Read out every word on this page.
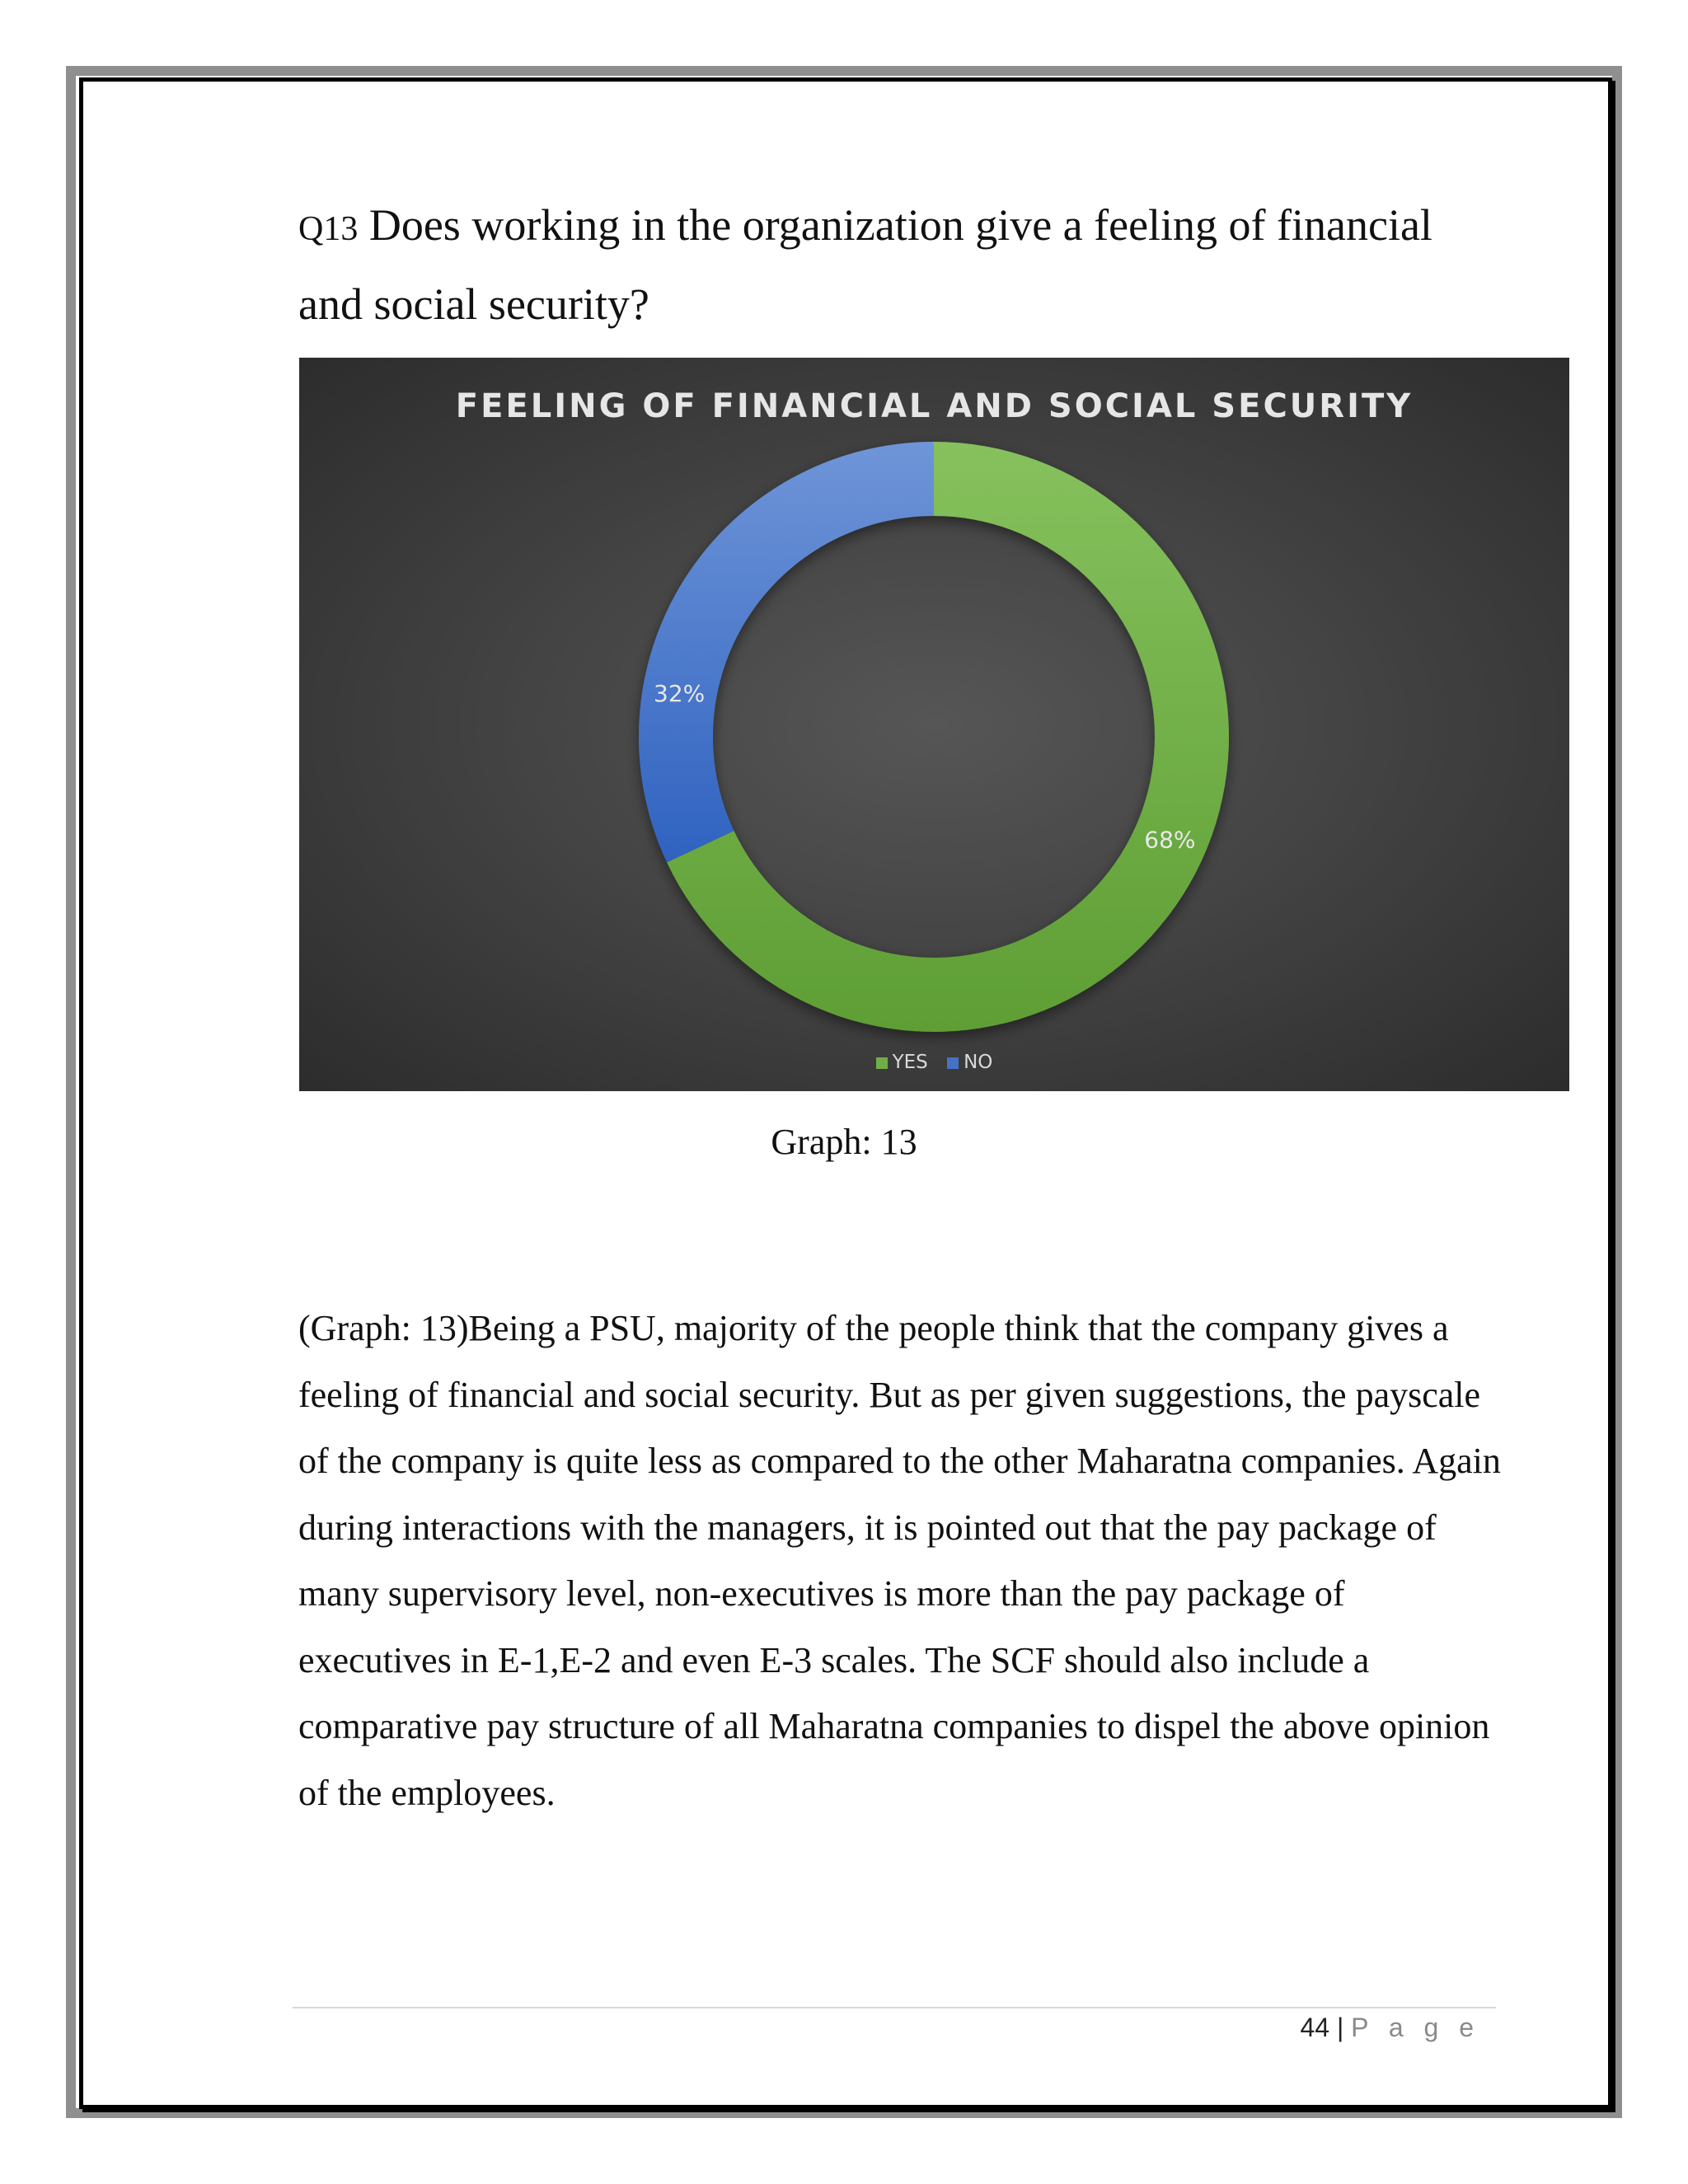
Q13 Does working in the organization give a feeling of financial and social security?
68%
32%
FEELING OF FINANCIAL AND SOCIAL SECURITY
YES NO
Graph: 13

(Graph: 13)Being a PSU, majority of the people think that the company gives a feeling of financial and social security. But as per given suggestions, the payscale of the company is quite less as compared to the other Maharatna companies. Again during interactions with the managers, it is pointed out that the pay package of many supervisory level, non-executives is more than the pay package of executives in E-1,E-2 and even E-3 scales. The SCF should also include a comparative pay structure of all Maharatna companies to dispel the above opinion of the employees.

44 | P a g e
